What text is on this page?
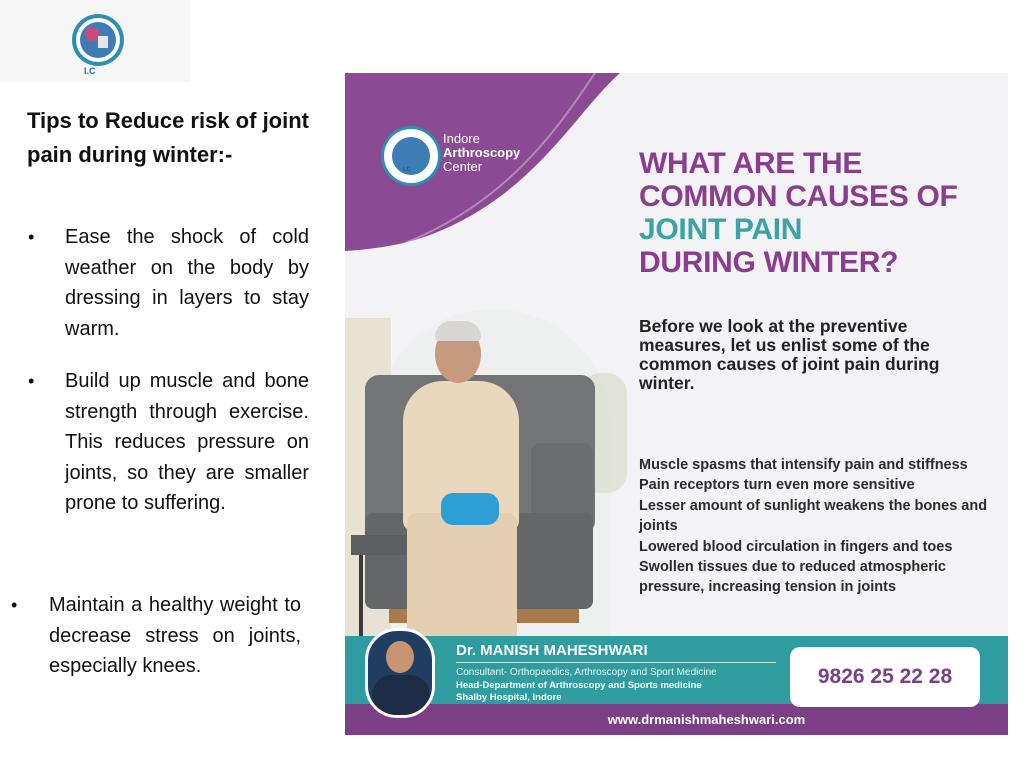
I.C
Tips to Reduce risk of joint pain during winter:-
• Ease the shock of cold weather on the body by dressing in layers to stay warm.
• Build up muscle and bone strength through exercise. This reduces pressure on joints, so they are smaller prone to suffering.
• Maintain a healthy weight to decrease stress on joints, especially knees.
I.C
Indore
Arthroscopy
Center	WHAT ARE THE
COMMON CAUSES OF
JOINT PAIN
DURING WINTER?
Before we look at the preventive measures, let us enlist some of the common causes of joint pain during winter.
Muscle spasms that intensify pain and stiffness
Pain receptors turn even more sensitive
Lesser amount of sunlight weakens the bones and joints
Lowered blood circulation in fingers and toes
Swollen tissues due to reduced atmospheric pressure, increasing tension in joints
Dr. MANISH MAHESHWARI
Consultant- Orthopaedics, Arthroscopy and Sport Medicine
Head-Department of Arthroscopy and Sports medicine
Shalby Hospital, Indore
9826 25 22 28
www.drmanishmaheshwari.com
